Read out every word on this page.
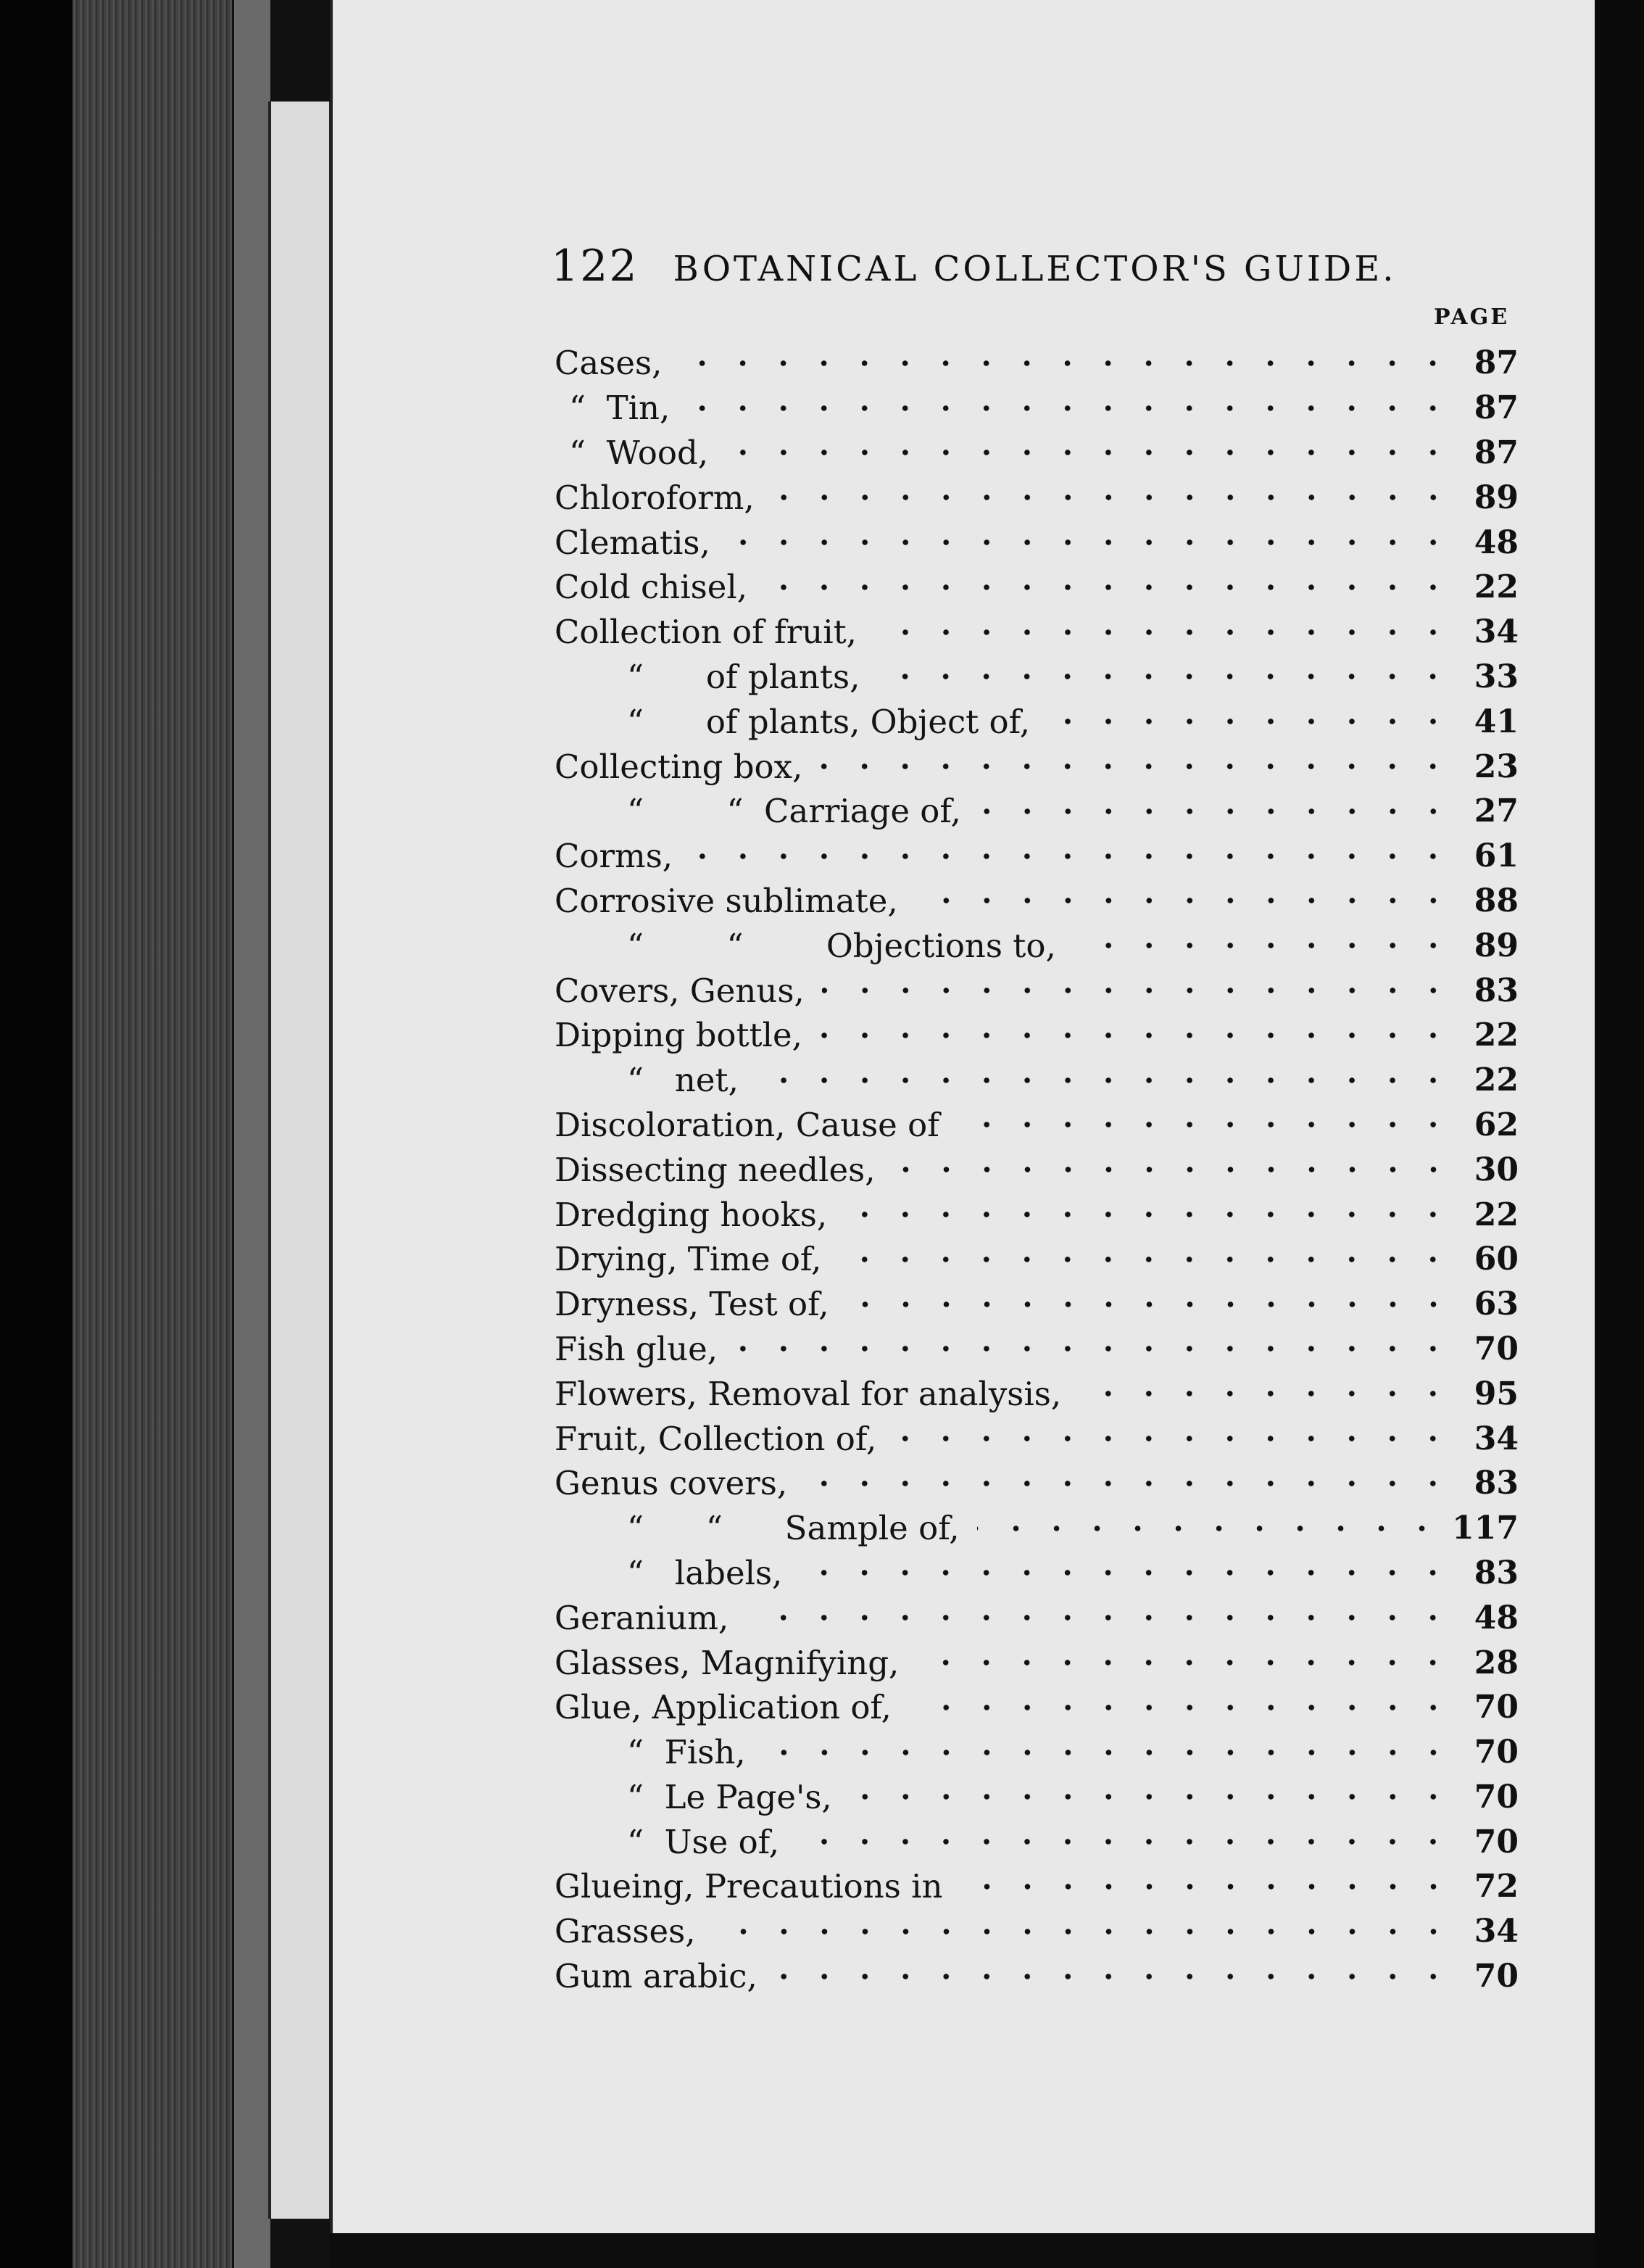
122 BOTANICAL COLLECTOR'S GUIDE.
PAGE
Cases,	87
“  Tin,	87
“  Wood,	87
Chloroform,	89
Clematis,	48
Cold chisel,	22
Collection of fruit,	34
“      of plants,	33
“      of plants, Object of,	41
Collecting box,	23
“        “  Carriage of,	27
Corms,	61
Corrosive sublimate,	88
“        “        Objections to,	89
Covers, Genus,	83
Dipping bottle,	22
“   net,	22
Discoloration, Cause of	62
Dissecting needles,	30
Dredging hooks,	22
Drying, Time of,	60
Dryness, Test of,	63
Fish glue,	70
Flowers, Removal for analysis,	95
Fruit, Collection of,	34
Genus covers,	83
“      “      Sample of,	117
“   labels,	83
Geranium,	48
Glasses, Magnifying,	28
Glue, Application of,	70
“  Fish,	70
“  Le Page's,	70
“  Use of,	70
Glueing, Precautions in	72
Grasses,	34
Gum arabic,	70
